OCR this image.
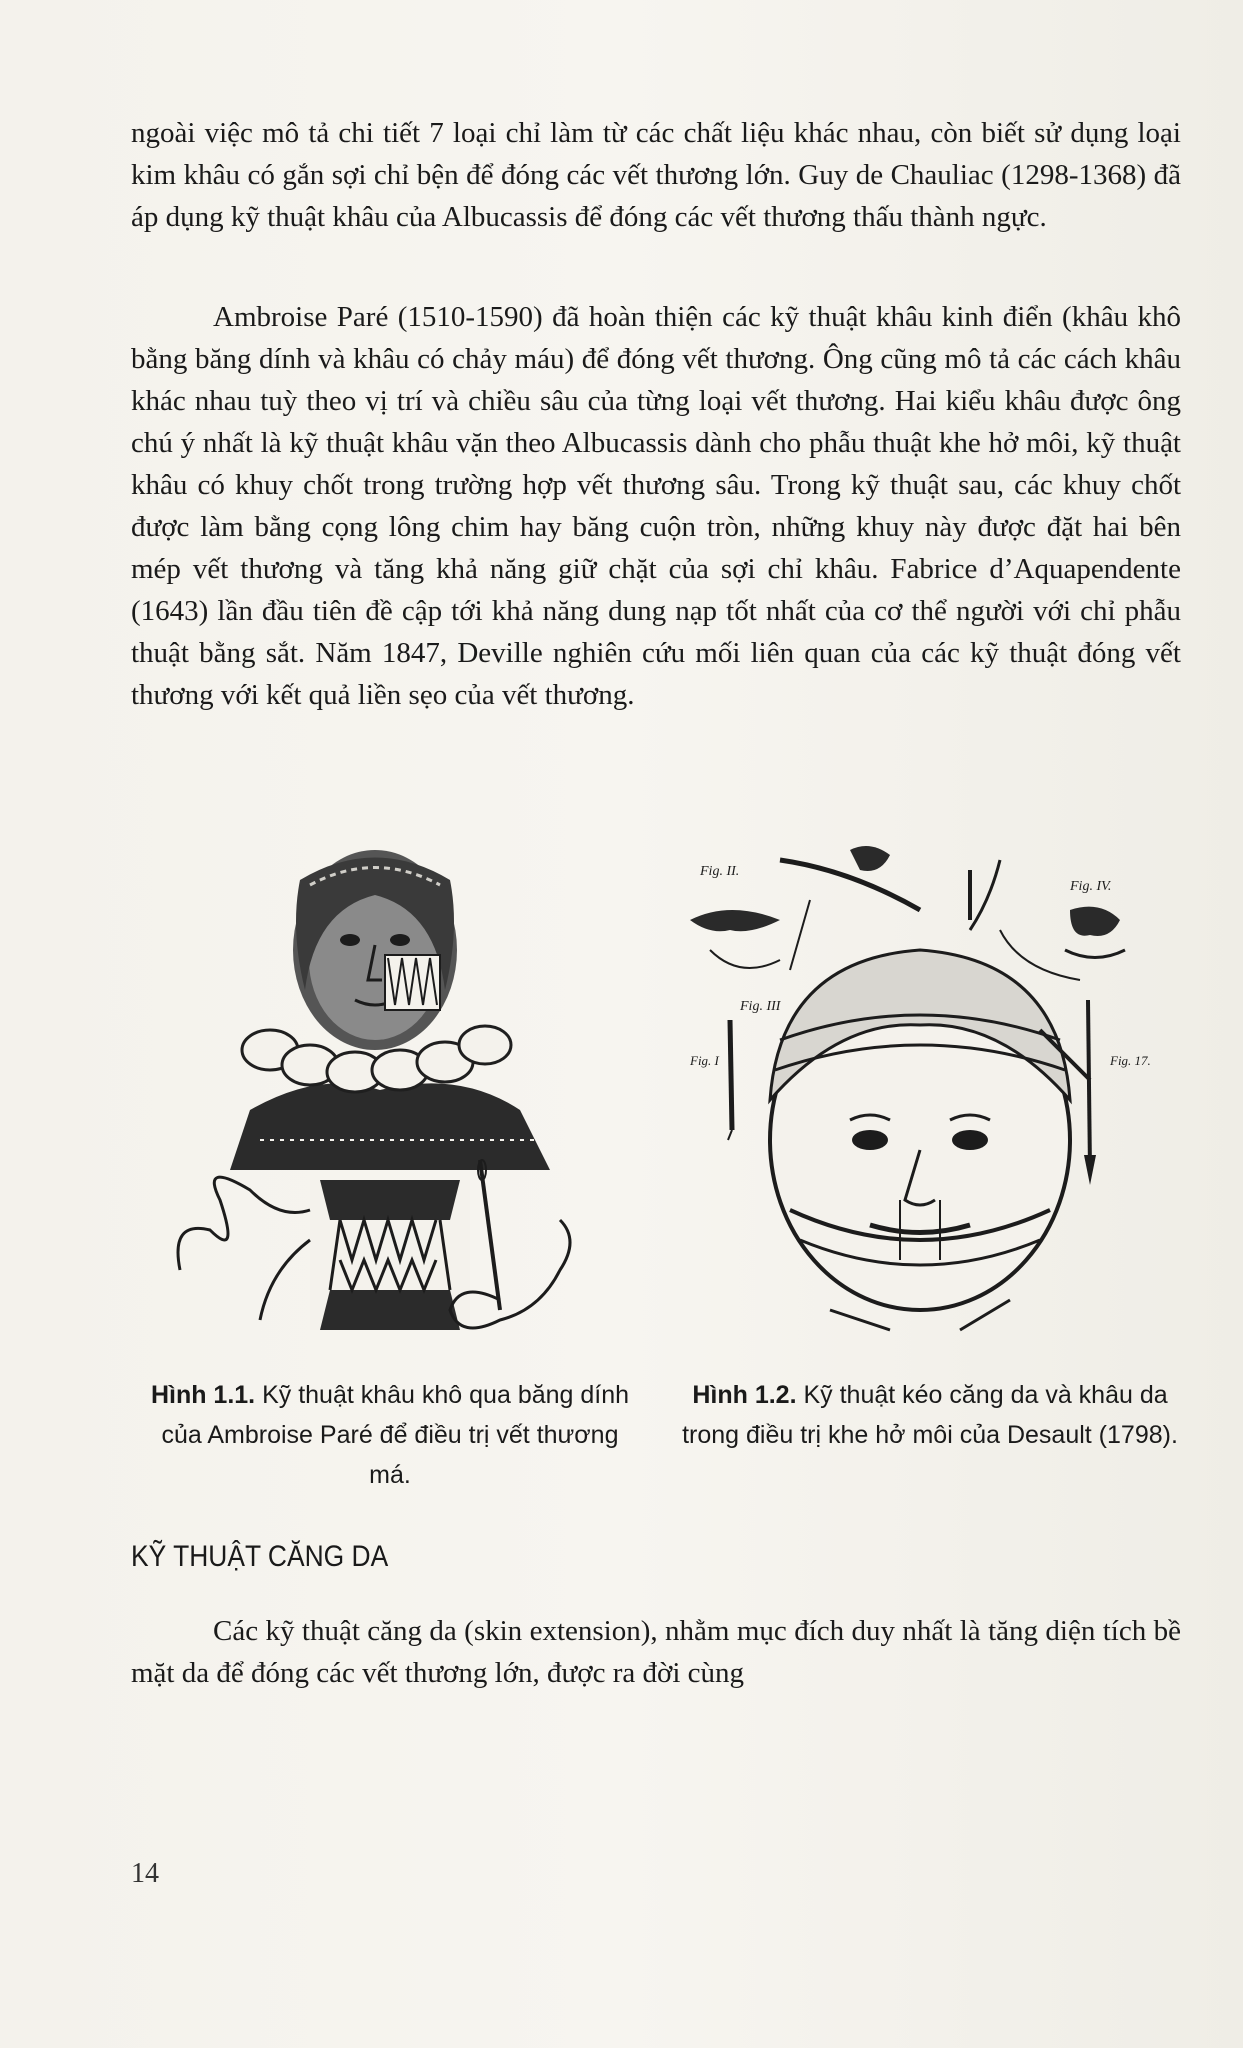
ngoài việc mô tả chi tiết 7 loại chỉ làm từ các chất liệu khác nhau, còn biết sử dụng loại kim khâu có gắn sợi chỉ bện để đóng các vết thương lớn. Guy de Chauliac (1298-1368) đã áp dụng kỹ thuật khâu của Albucassis để đóng các vết thương thấu thành ngực.

Ambroise Paré (1510-1590) đã hoàn thiện các kỹ thuật khâu kinh điển (khâu khô bằng băng dính và khâu có chảy máu) để đóng vết thương. Ông cũng mô tả các cách khâu khác nhau tuỳ theo vị trí và chiều sâu của từng loại vết thương. Hai kiểu khâu được ông chú ý nhất là kỹ thuật khâu vặn theo Albucassis dành cho phẫu thuật khe hở môi, kỹ thuật khâu có khuy chốt trong trường hợp vết thương sâu. Trong kỹ thuật sau, các khuy chốt được làm bằng cọng lông chim hay băng cuộn tròn, những khuy này được đặt hai bên mép vết thương và tăng khả năng giữ chặt của sợi chỉ khâu. Fabrice d’Aquapendente (1643) lần đầu tiên đề cập tới khả năng dung nạp tốt nhất của cơ thể người với chỉ phẫu thuật bằng sắt. Năm 1847, Deville nghiên cứu mối liên quan của các kỹ thuật đóng vết thương với kết quả liền sẹo của vết thương.

Fig. II.
Fig. IV.
Fig. III
Fig. I	Fig. 17.
Hình 1.1. Kỹ thuật khâu khô qua băng dính của Ambroise Paré để điều trị vết thương má.
Hình 1.2. Kỹ thuật kéo căng da và khâu da trong điều trị khe hở môi của Desault (1798).
KỸ THUẬT CĂNG DA

Các kỹ thuật căng da (skin extension), nhằm mục đích duy nhất là tăng diện tích bề mặt da để đóng các vết thương lớn, được ra đời cùng

14
